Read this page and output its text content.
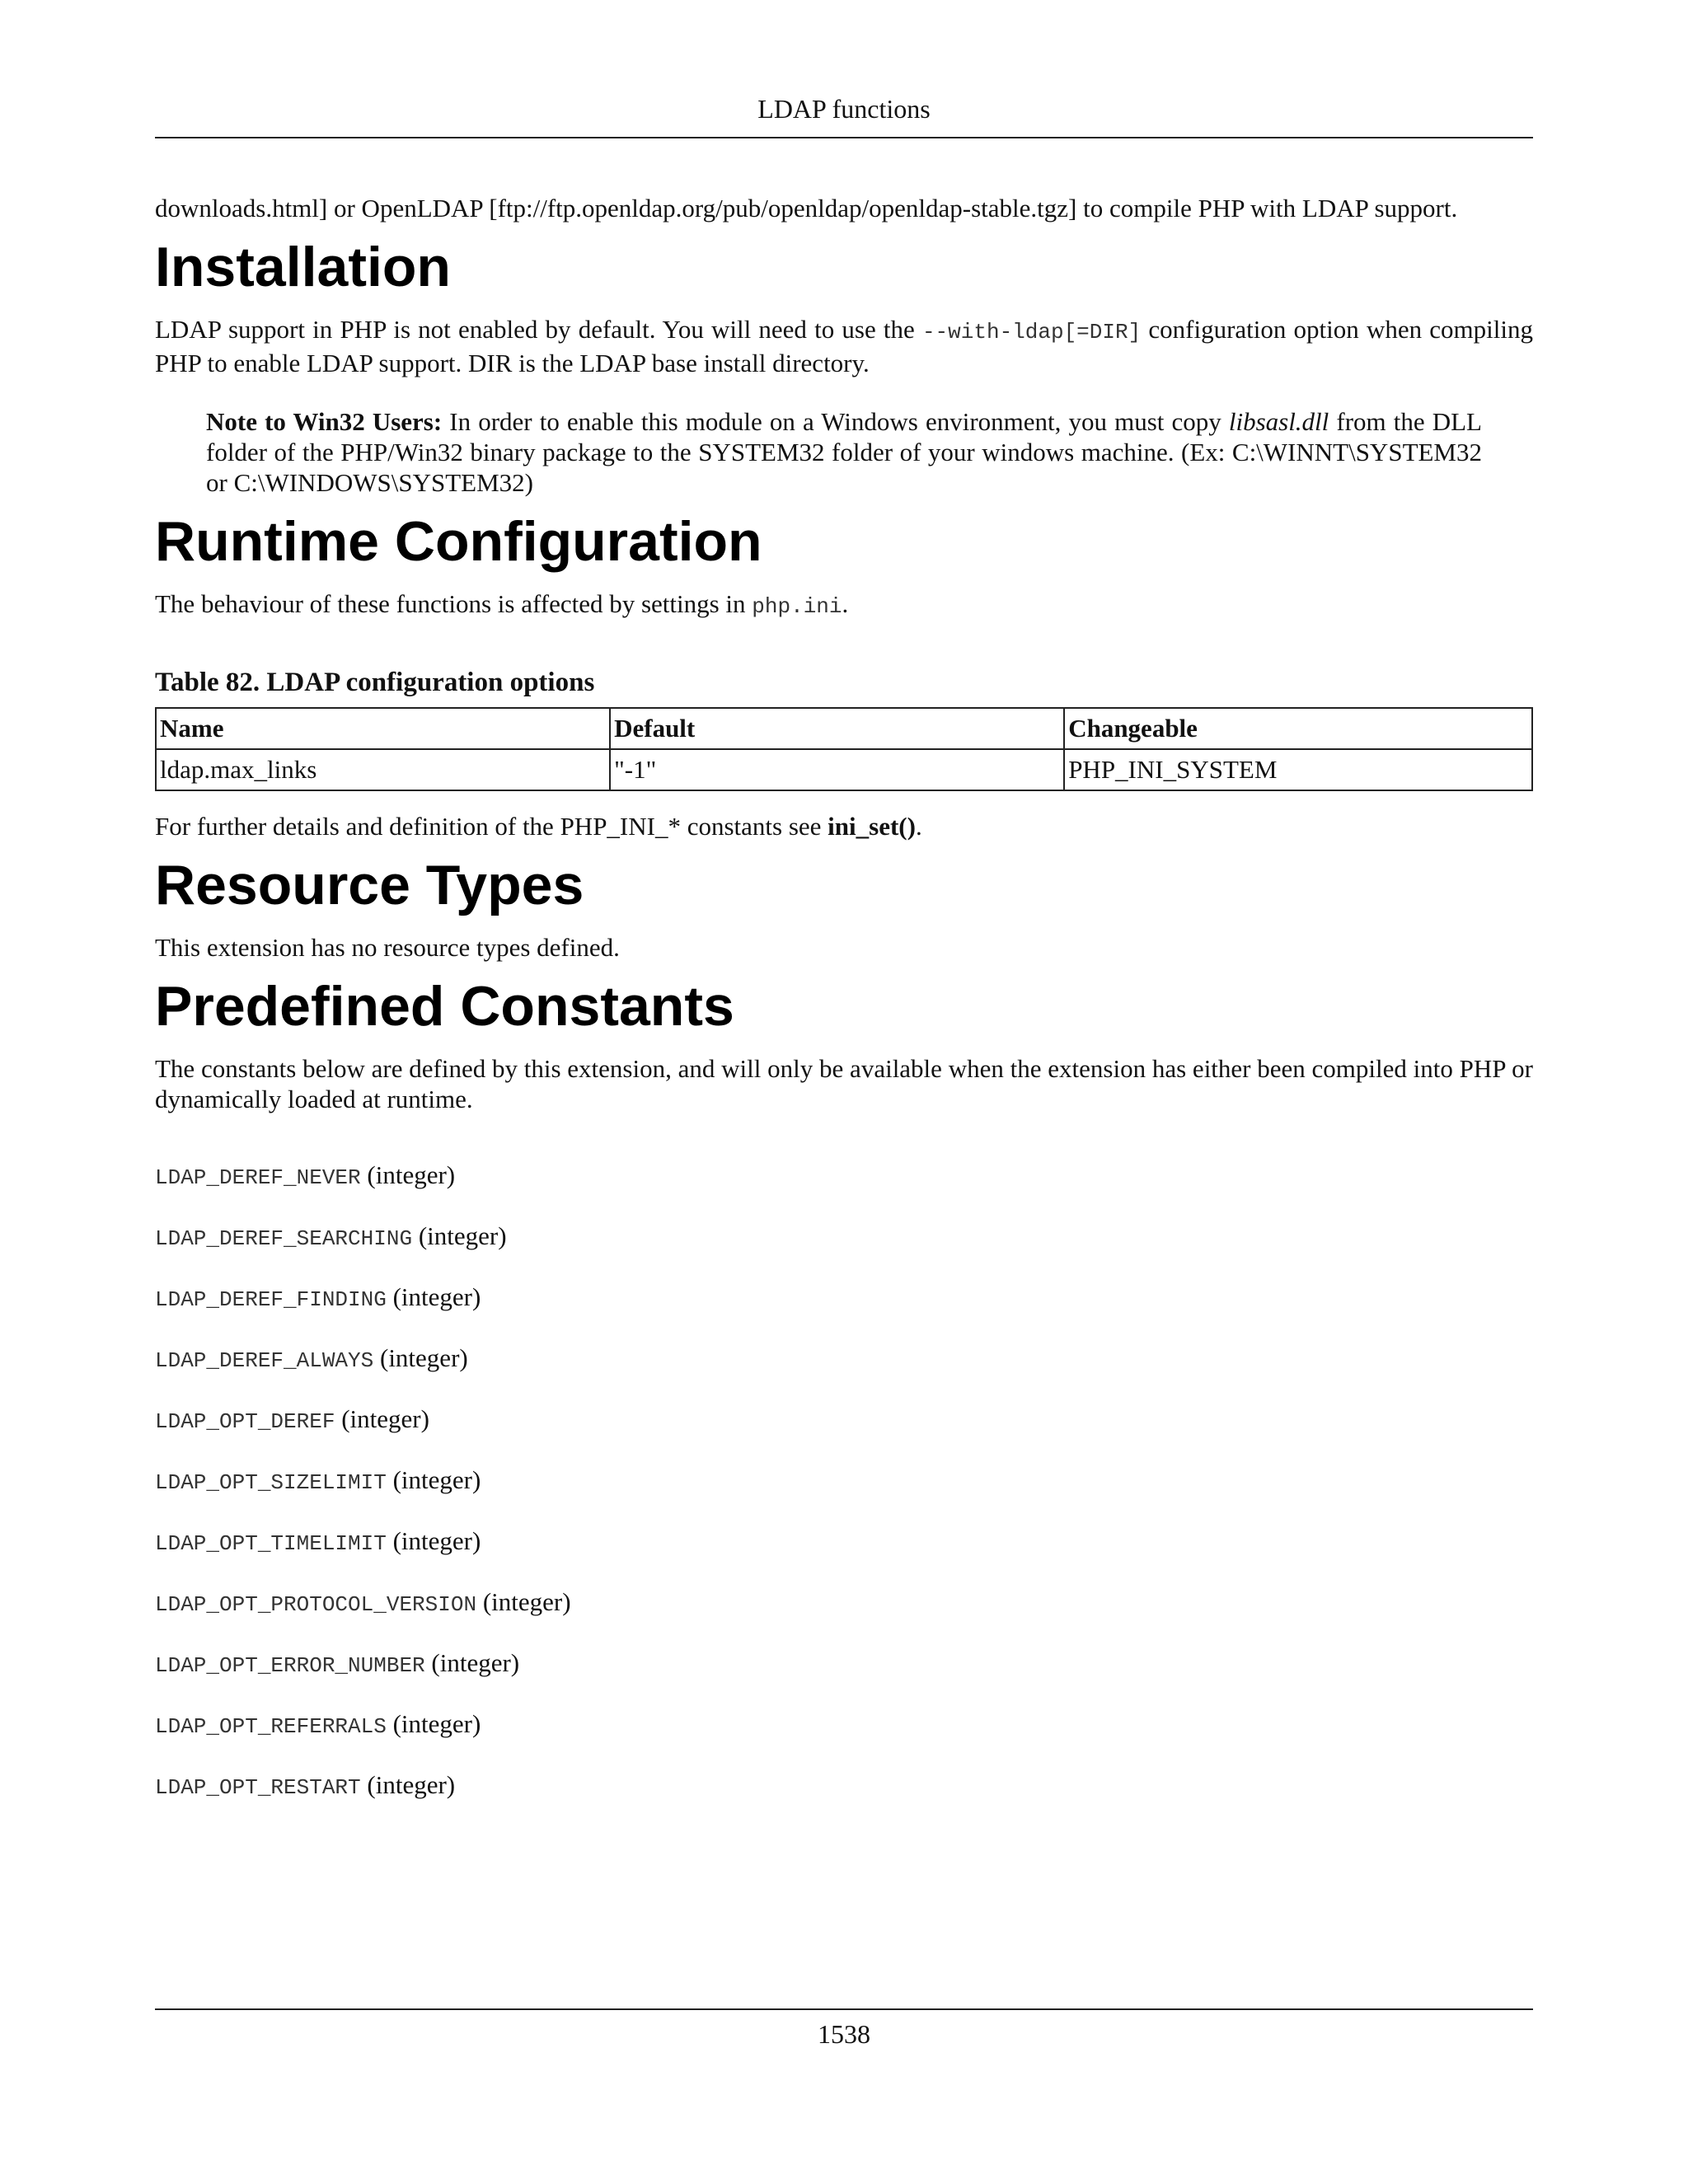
LDAP functions

downloads.html] or OpenLDAP [ftp://ftp.openldap.org/pub/openldap/openldap-stable.tgz] to compile PHP with LDAP support.

Installation

LDAP support in PHP is not enabled by default. You will need to use the --with-ldap[=DIR] configuration option when compiling PHP to enable LDAP support. DIR is the LDAP base install directory.

Note to Win32 Users: In order to enable this module on a Windows environment, you must copy libsasl.dll from the DLL folder of the PHP/Win32 binary package to the SYSTEM32 folder of your windows machine. (Ex: C:\WINNT\SYSTEM32 or C:\WINDOWS\SYSTEM32)

Runtime Configuration

The behaviour of these functions is affected by settings in php.ini.

Table 82. LDAP configuration options

Name	Default	Changeable
ldap.max_links	"-1"	PHP_INI_SYSTEM

For further details and definition of the PHP_INI_* constants see ini_set().

Resource Types

This extension has no resource types defined.

Predefined Constants

The constants below are defined by this extension, and will only be available when the extension has either been compiled into PHP or dynamically loaded at runtime.

LDAP_DEREF_NEVER (integer)

LDAP_DEREF_SEARCHING (integer)

LDAP_DEREF_FINDING (integer)

LDAP_DEREF_ALWAYS (integer)

LDAP_OPT_DEREF (integer)

LDAP_OPT_SIZELIMIT (integer)

LDAP_OPT_TIMELIMIT (integer)

LDAP_OPT_PROTOCOL_VERSION (integer)

LDAP_OPT_ERROR_NUMBER (integer)

LDAP_OPT_REFERRALS (integer)

LDAP_OPT_RESTART (integer)

1538
